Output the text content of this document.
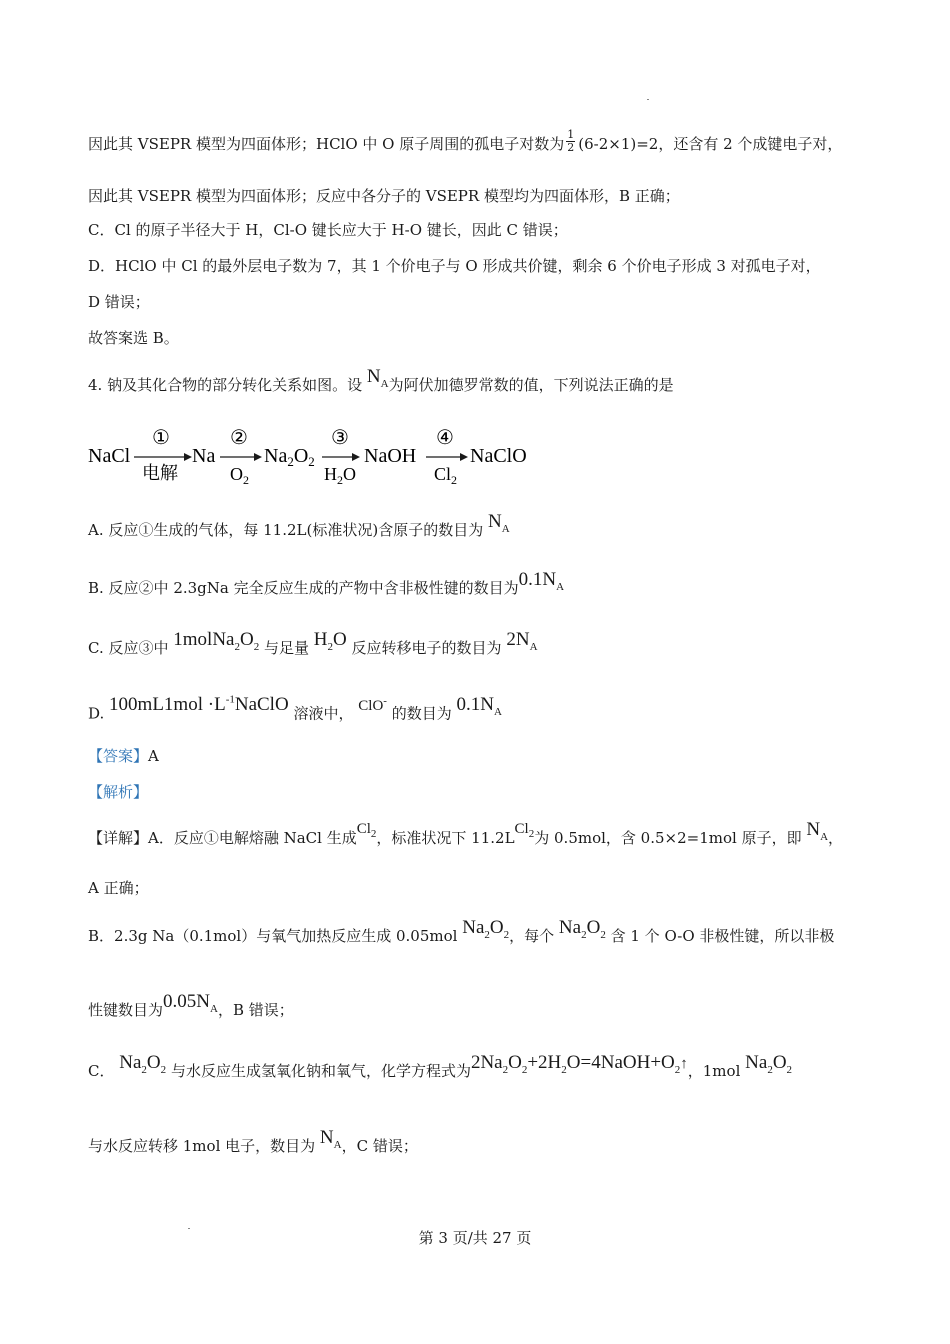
因此其 VSEPR 模型为四面体形；HClO 中 O 原子周围的孤电子对数为
1
2 (6-2×1)=2，还含有 2 个成键电子对，
因此其 VSEPR 模型为四面体形；反应中各分子的 VSEPR 模型均为四面体形，B 正确；
C．Cl 的原子半径大于 H，Cl-O 键长应大于 H-O 键长，因此 C 错误；
D．HClO 中 Cl 的最外层电子数为 7，其 1 个价电子与 O 形成共价键，剩余 6 个价电子形成 3 对孤电子对，
D 错误；
故答案选 B。
4. 钠及其化合物的部分转化关系如图。设 $N_A$为阿伏加德罗常数的值，下列说法正确的是
NaCl	Na $Na_2O_2$ NaOH	NaClO
①	②	③	④
电解	$O_2$	$H_2O$	$Cl_2$
A. 反应①生成的气体，每 11.2L(标准状况)含原子的数目为 $N_A$
B. 反应②中 2.3gNa 完全反应生成的产物中含非极性键的数目为$0.1N_A$
C. 反应③中 $1molNa_2O_2$ 与足量 $H_2O$ 反应转移电子的数目为 $2N_A$
D. $100mL1mol \cdot L^{-1}NaClO$ 溶液中， ClO- 的数目为 $0.1N_A$
【答案】A
【解析】
【详解】A．反应①电解熔融 NaCl 生成$Cl_2$，标准状况下 11.2LCl$_2$为 0.5mol，含 0.5×2=1mol 原子，即 $N_A$，
A 正确；
B．2.3g Na（0.1mol）与氧气加热反应生成 0.05mol $Na_2O_2$，每个 $Na_2O_2$ 含 1 个 O-O 非极性键，所以非极
性键数目为$0.05N_A$，B 错误；
C． $Na_2O_2$ 与水反应生成氢氧化钠和氧气，化学方程式为$2Na_2O_2+2H_2O=4NaOH+O_2↑$，1mol $Na_2O_2$
与水反应转移 1mol 电子，数目为 $N_A$，C 错误；
第 3 页/共 27 页
